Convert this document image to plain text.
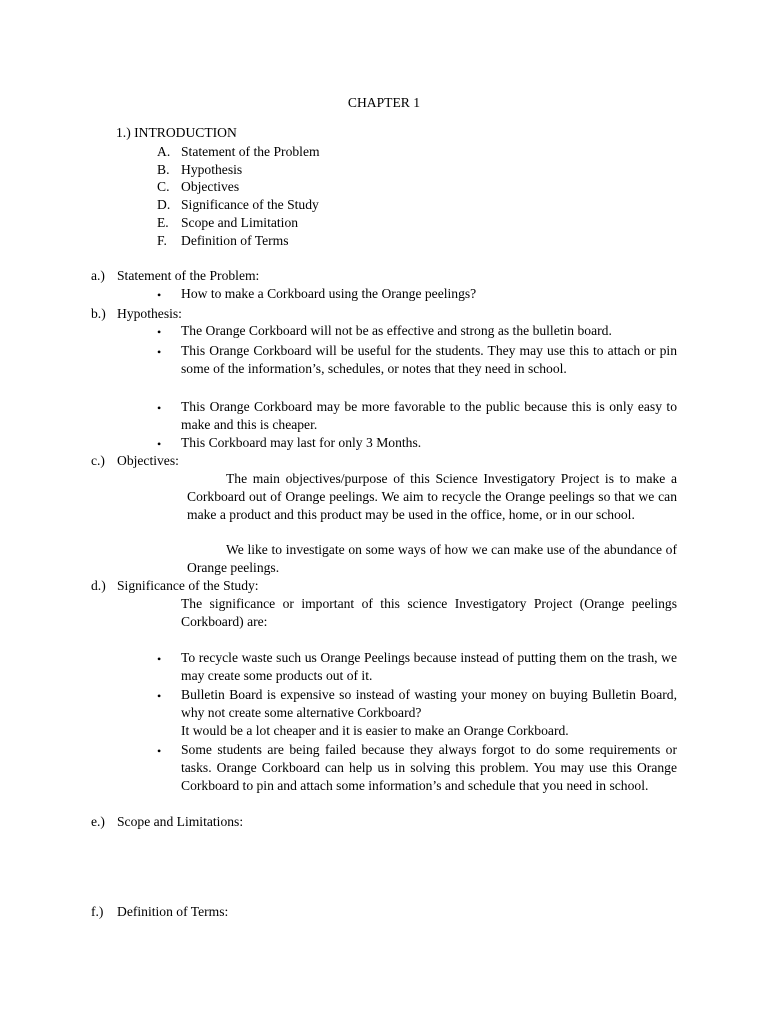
CHAPTER 1
1.) INTRODUCTION
A. Statement of the Problem
B. Hypothesis
C. Objectives
D. Significance of the Study
E. Scope and Limitation
F. Definition of Terms
a.) Statement of the Problem:
• How to make a Corkboard using the Orange peelings?
b.) Hypothesis:
• The Orange Corkboard will not be as effective and strong as the bulletin board.
• This Orange Corkboard will be useful for the students. They may use this to attach or pin some of the information’s, schedules, or notes that they need in school.
• This Orange Corkboard may be more favorable to the public because this is only easy to make and this is cheaper.
• This Corkboard may last for only 3 Months.
c.) Objectives:
The main objectives/purpose of this Science Investigatory Project is to make a Corkboard out of Orange peelings. We aim to recycle the Orange peelings so that we can make a product and this product may be used in the office, home, or in our school.
We like to investigate on some ways of how we can make use of the abundance of Orange peelings.
d.) Significance of the Study:
The significance or important of this science Investigatory Project (Orange peelings Corkboard) are:
• To recycle waste such us Orange Peelings because instead of putting them on the trash, we may create some products out of it.
• Bulletin Board is expensive so instead of wasting your money on buying Bulletin Board, why not create some alternative Corkboard?
It would be a lot cheaper and it is easier to make an Orange Corkboard.
• Some students are being failed because they always forgot to do some requirements or tasks. Orange Corkboard can help us in solving this problem. You may use this Orange Corkboard to pin and attach some information’s and schedule that you need in school.
e.) Scope and Limitations:
f.) Definition of Terms:
